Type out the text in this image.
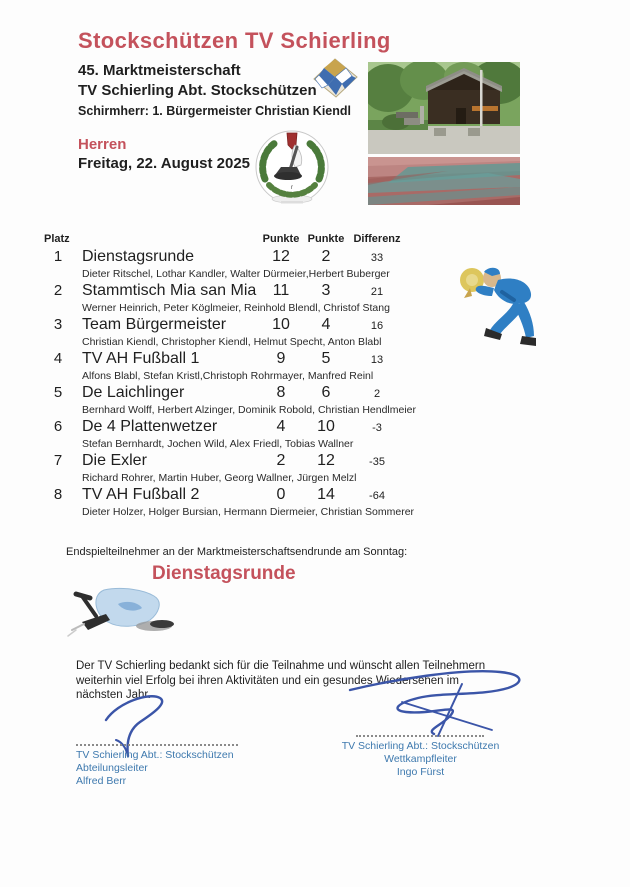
Stockschützen TV Schierling
45. Marktmeisterschaft
TV Schierling Abt. Stockschützen
Schirmherr: 1. Bürgermeister Christian Kiendl
Herren
Freitag, 22. August 2025
r
Platz	Punkte Punkte Differenz
1	Dienstagsrunde	12	2	33
Dieter Ritschel, Lothar Kandler, Walter Dürmeier,Herbert Buberger
2	Stammtisch Mia san Mia	11	3	21
Werner Heinrich, Peter Köglmeier, Reinhold Blendl, Christof Stang
3	Team Bürgermeister	10	4	16
Christian Kiendl, Christopher Kiendl, Helmut Specht, Anton Blabl
4	TV AH Fußball 1	9	5	13
Alfons Blabl, Stefan Kristl,Christoph Rohrmayer, Manfred Reinl
5	De Laichlinger	8	6	2
Bernhard Wolff, Herbert Alzinger, Dominik Robold, Christian Hendlmeier
6	De 4 Plattenwetzer	4	10	-3
Stefan Bernhardt, Jochen Wild, Alex Friedl, Tobias Wallner
7	Die Exler	2	12	-35
Richard Rohrer, Martin Huber, Georg Wallner, Jürgen Melzl
8	TV AH Fußball 2	0	14	-64
Dieter Holzer, Holger Bursian, Hermann Diermeier, Christian Sommerer
Endspielteilnehmer an der Marktmeisterschaftsendrunde am Sonntag:
Dienstagsrunde
Der TV Schierling bedankt sich für die Teilnahme und wünscht allen Teilnehmern
weiterhin viel Erfolg bei ihren Aktivitäten und ein gesundes Wiedersehen im
nächsten Jahr.
TV Schierling Abt.: Stockschützen
Abteilungsleiter
Alfred Berr
TV Schierling Abt.: Stockschützen
Wettkampfleiter
Ingo Fürst
